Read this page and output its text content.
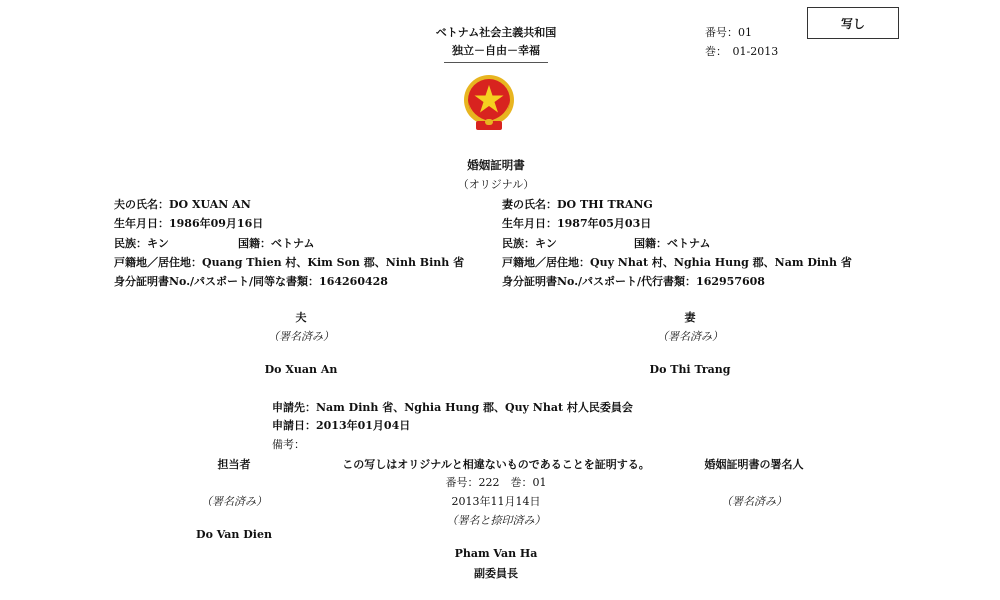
ベトナム社会主義共和国
独立－自由－幸福
番号：01
巻：　01-2013
写し
婚姻証明書
（オリジナル）
夫の氏名：DO XUAN AN
生年月日：1986年09月16日
民族：キン	国籍：ベトナム
戸籍地／居住地：Quang Thien 村、Kim Son 郡、Ninh Binh 省
身分証明書No./パスポート/同等な書類：164260428
妻の氏名：DO THI TRANG
生年月日：1987年05月03日
民族：キン	国籍：ベトナム
戸籍地／居住地：Quy Nhat 村、Nghia Hung 郡、Nam Dinh 省
身分証明書No./パスポート/代行書類：162957608
夫
（署名済み）
Do Xuan An
妻
（署名済み）
Do Thi Trang
申請先：Nam Dinh 省、Nghia Hung 郡、Quy Nhat 村人民委員会
申請日：2013年01月04日
備考：
担当者	この写しはオリジナルと相違ないものであることを証明する。	婚姻証明書の署名人
番号：222　巻：01
（署名済み）	2013年11月14日	（署名済み）
（署名と捺印済み）
Do Van Dien
Pham Van Ha
副委員長
